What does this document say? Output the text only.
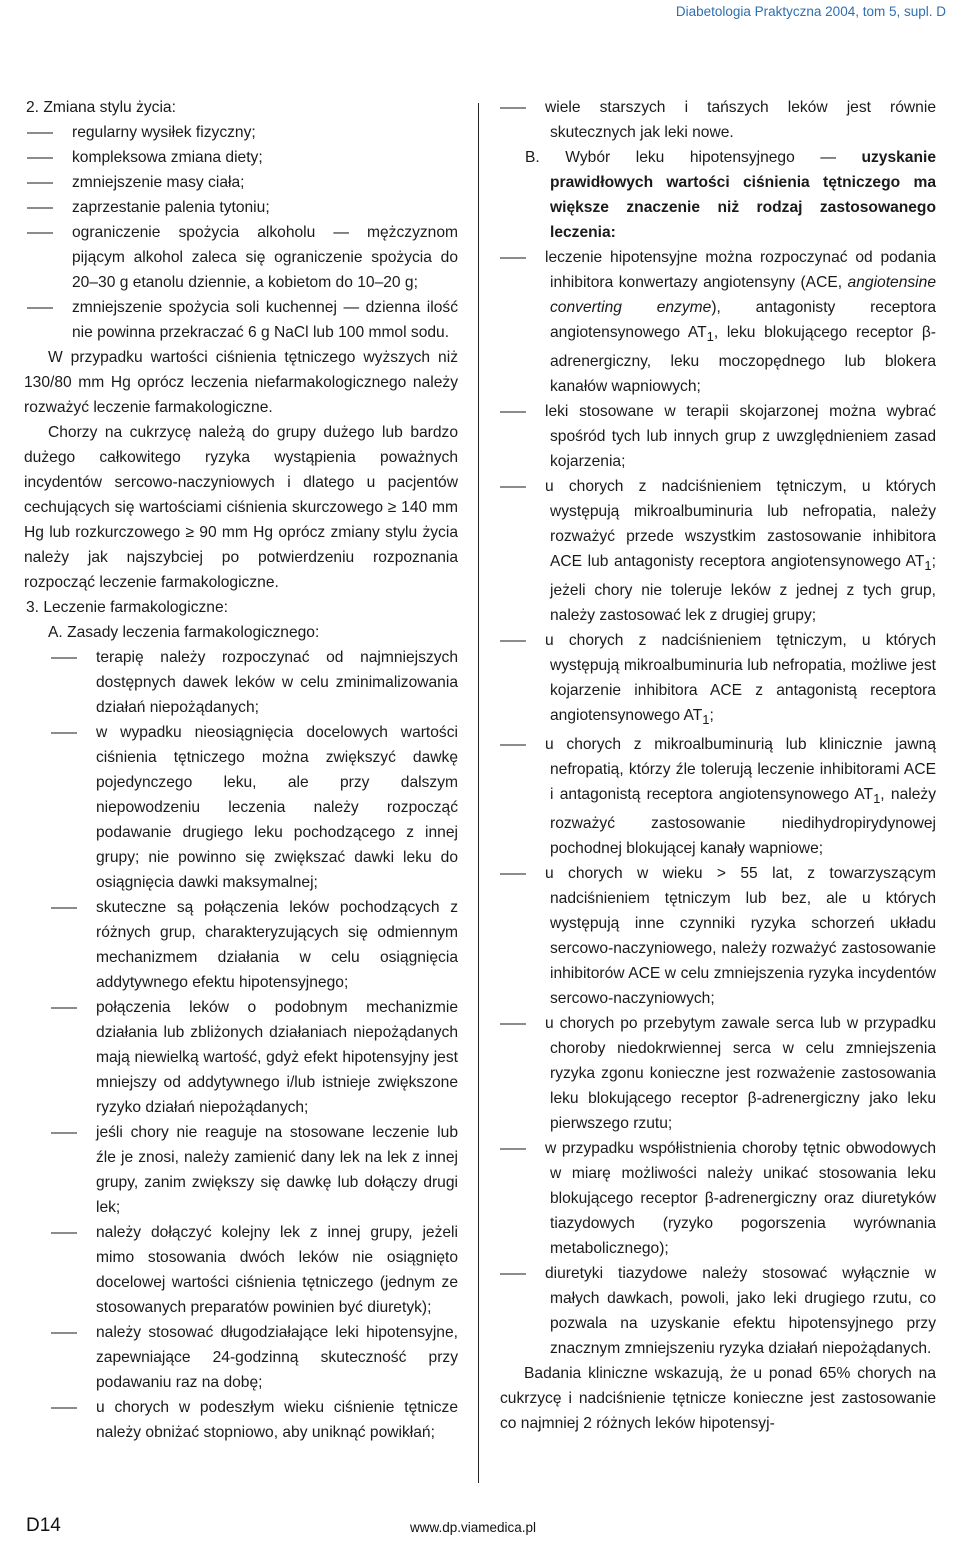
Diabetologia Praktyczna 2004, tom 5, supl. D

2. Zmiana stylu życia:

—— regularny wysiłek fizyczny;

—— kompleksowa zmiana diety;

—— zmniejszenie masy ciała;

—— zaprzestanie palenia tytoniu;

—— ograniczenie spożycia alkoholu — mężczyznom pijącym alkohol zaleca się ograniczenie spożycia do 20–30 g etanolu dziennie, a kobietom do 10–20 g;

—— zmniejszenie spożycia soli kuchennej — dzienna ilość nie powinna przekraczać 6 g NaCl lub 100 mmol sodu.

W przypadku wartości ciśnienia tętniczego wyższych niż 130/80 mm Hg oprócz leczenia niefarmakologicznego należy rozważyć leczenie farmakologiczne.

Chorzy na cukrzycę należą do grupy dużego lub bardzo dużego całkowitego ryzyka wystąpienia poważnych incydentów sercowo-naczyniowych i dlatego u pacjentów cechujących się wartościami ciśnienia skurczowego ≥ 140 mm Hg lub rozkurczowego ≥ 90 mm Hg oprócz zmiany stylu życia należy jak najszybciej po potwierdzeniu rozpoznania rozpocząć leczenie farmakologiczne.

3. Leczenie farmakologiczne:

A. Zasady leczenia farmakologicznego:

—— terapię należy rozpoczynać od najmniejszych dostępnych dawek leków w celu zminimalizowania działań niepożądanych;

—— w wypadku nieosiągnięcia docelowych wartości ciśnienia tętniczego można zwiększyć dawkę pojedynczego leku, ale przy dalszym niepowodzeniu leczenia należy rozpocząć podawanie drugiego leku pochodzącego z innej grupy; nie powinno się zwiększać dawki leku do osiągnięcia dawki maksymalnej;

—— skuteczne są połączenia leków pochodzących z różnych grup, charakteryzujących się odmiennym mechanizmem działania w celu osiągnięcia addytywnego efektu hipotensyjnego;

—— połączenia leków o podobnym mechanizmie działania lub zbliżonych działaniach niepożądanych mają niewielką wartość, gdyż efekt hipotensyjny jest mniejszy od addytywnego i/lub istnieje zwiększone ryzyko działań niepożądanych;

—— jeśli chory nie reaguje na stosowane leczenie lub źle je znosi, należy zamienić dany lek na lek z innej grupy, zanim zwiększy się dawkę lub dołączy drugi lek;

—— należy dołączyć kolejny lek z innej grupy, jeżeli mimo stosowania dwóch leków nie osiągnięto docelowej wartości ciśnienia tętniczego (jednym ze stosowanych preparatów powinien być diuretyk);

—— należy stosować długodziałające leki hipotensyjne, zapewniające 24-godzinną skuteczność przy podawaniu raz na dobę;

—— u chorych w podeszłym wieku ciśnienie tętnicze należy obniżać stopniowo, aby uniknąć powikłań;

—— wiele starszych i tańszych leków jest równie skutecznych jak leki nowe.

B. Wybór leku hipotensyjnego — uzyskanie prawidłowych wartości ciśnienia tętniczego ma większe znaczenie niż rodzaj zastosowanego leczenia:

—— leczenie hipotensyjne można rozpoczynać od podania inhibitora konwertazy angiotensyny (ACE, angiotensine converting enzyme), antagonisty receptora angiotensynowego $AT_1$, leku blokującego receptor β-adrenergiczny, leku moczopędnego lub blokera kanałów wapniowych;

—— leki stosowane w terapii skojarzonej można wybrać spośród tych lub innych grup z uwzględnieniem zasad kojarzenia;

—— u chorych z nadciśnieniem tętniczym, u których występują mikroalbuminuria lub nefropatia, należy rozważyć przede wszystkim zastosowanie inhibitora ACE lub antagonisty receptora angiotensynowego $AT_1$; jeżeli chory nie toleruje leków z jednej z tych grup, należy zastosować lek z drugiej grupy;

—— u chorych z nadciśnieniem tętniczym, u których występują mikroalbuminuria lub nefropatia, możliwe jest kojarzenie inhibitora ACE z antagonistą receptora angiotensynowego $AT_1$;

—— u chorych z mikroalbuminurią lub klinicznie jawną nefropatią, którzy źle tolerują leczenie inhibitorami ACE i antagonistą receptora angiotensynowego $AT_1$, należy rozważyć zastosowanie niedihydropirydynowej pochodnej blokującej kanały wapniowe;

—— u chorych w wieku > 55 lat, z towarzyszącym nadciśnieniem tętniczym lub bez, ale u których występują inne czynniki ryzyka schorzeń układu sercowo-naczyniowego, należy rozważyć zastosowanie inhibitorów ACE w celu zmniejszenia ryzyka incydentów sercowo-naczyniowych;

—— u chorych po przebytym zawale serca lub w przypadku choroby niedokrwiennej serca w celu zmniejszenia ryzyka zgonu konieczne jest rozważenie zastosowania leku blokującego receptor β-adrenergiczny jako leku pierwszego rzutu;

—— w przypadku współistnienia choroby tętnic obwodowych w miarę możliwości należy unikać stosowania leku blokującego receptor β-adrenergiczny oraz diuretyków tiazydowych (ryzyko pogorszenia wyrównania metabolicznego);

—— diuretyki tiazydowe należy stosować wyłącznie w małych dawkach, powoli, jako leki drugiego rzutu, co pozwala na uzyskanie efektu hipotensyjnego przy znacznym zmniejszeniu ryzyka działań niepożądanych.

Badania kliniczne wskazują, że u ponad 65% chorych na cukrzycę i nadciśnienie tętnicze konieczne jest zastosowanie co najmniej 2 różnych leków hipotensyj-

D14	www.dp.viamedica.pl
